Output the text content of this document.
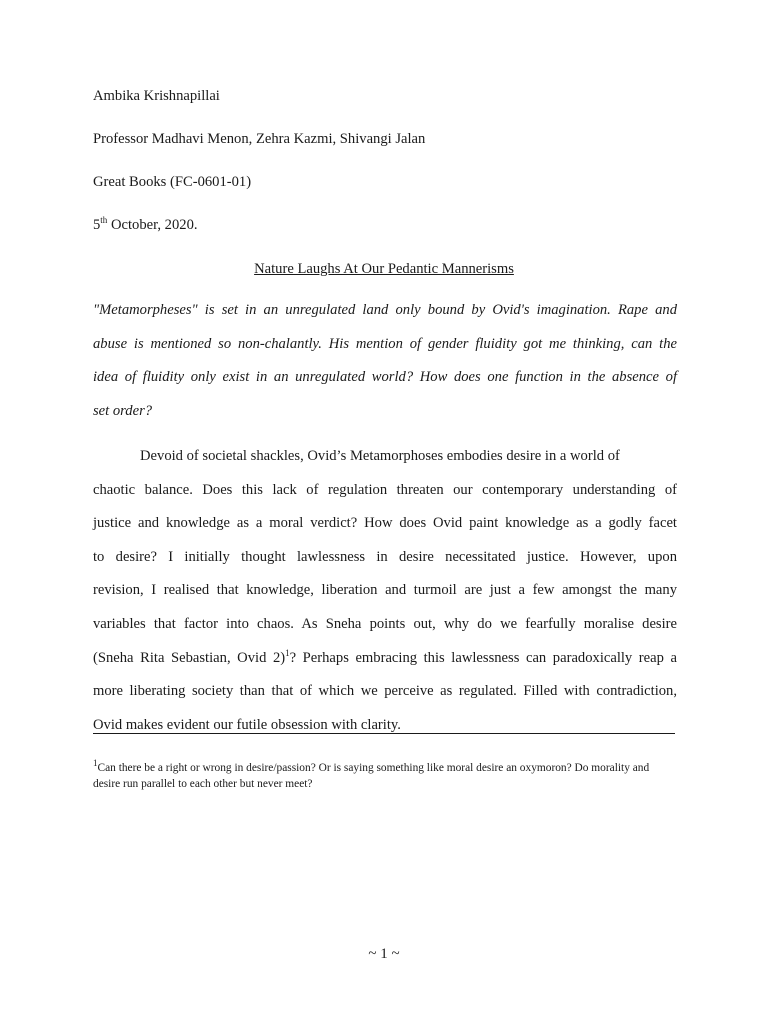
Ambika Krishnapillai
Professor Madhavi Menon, Zehra Kazmi, Shivangi Jalan
Great Books (FC-0601-01)
5th October, 2020.
Nature Laughs At Our Pedantic Mannerisms
"Metamorpheses" is set in an unregulated land only bound by Ovid's imagination. Rape and
abuse is mentioned so non-chalantly. His mention of gender fluidity got me thinking, can the
idea of fluidity only exist in an unregulated world? How does one function in the absence of
set order?
Devoid of societal shackles, Ovid’s Metamorphoses embodies desire in a world of
chaotic balance. Does this lack of regulation threaten our contemporary understanding of
justice and knowledge as a moral verdict? How does Ovid paint knowledge as a godly facet
to desire? I initially thought lawlessness in desire necessitated justice. However, upon
revision, I realised that knowledge, liberation and turmoil are just a few amongst the many
variables that factor into chaos. As Sneha points out, why do we fearfully moralise desire
(Sneha Rita Sebastian, Ovid 2)$^1$? Perhaps embracing this lawlessness can paradoxically reap a
more liberating society than that of which we perceive as regulated. Filled with contradiction,
Ovid makes evident our futile obsession with clarity.
$^1$Can there be a right or wrong in desire/passion? Or is saying something like moral desire an oxymoron? Do morality and desire run parallel to each other but never meet?
~ 1 ~
